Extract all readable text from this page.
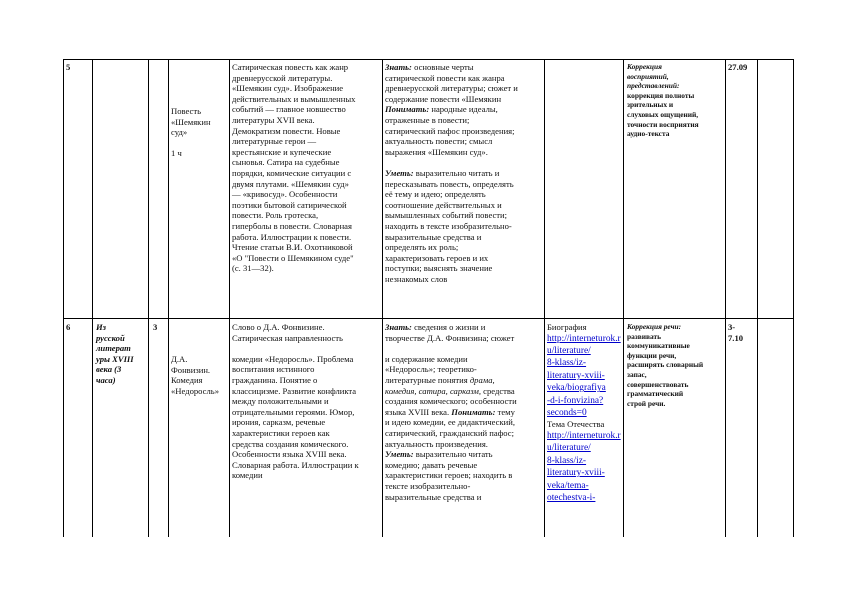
5
Повесть
«Шемякин
суд»

1 ч
Сатирическая повесть как жанр
древнерусской литературы.
«Шемякин суд». Изображение
действительных и вымышленных
событий — главное новшество
литературы XVII века.
Демократизм повести. Новые
литературные герои —
крестьянские и купеческие
сыновья. Сатира на судебные
порядки, комические ситуации с
двумя плутами. «Шемякин суд»
— «кривосуд». Особенности
поэтики бытовой сатирической
повести. Роль гротеска,
гиперболы в повести. Словарная
работа. Иллюстрации к повести.
Чтение статьи В.И. Охотниковой
«О "Повести о Шемякином суде"
(с. 31—32).
Знать: основные черты
сатирической повести как жанра
древнерусской литературы; сюжет и
содержание повести «Шемякин
Понимать: народные идеалы,
отраженные в повести;
сатирический пафос произведения;
актуальность повести; смысл
выражения «Шемякин суд».

Уметь: выразительно читать и
пересказывать повесть, определять
её тему и идею; определять
соотношение действительных и
вымышленных событий повести;
находить в тексте изобразительно-
выразительные средства и
определять их роль;
характеризовать героев и их
поступки; выяснять значение
незнакомых слов
Коррекция
восприятий,
представлений:
коррекция полноты
зрительных и
слуховых ощущений,
точности восприятия
аудио-текста
27.09
6	Из
русской
литерат
уры XVIII
века (3
часа)
3
Д.А.
Фонвизин.
Комедия
«Недоросль»
Слово о Д.А. Фонвизине.
Сатирическая направленность

комедии «Недоросль». Проблема
воспитания истинного
гражданина. Понятие о
классицизме. Развитие конфликта
между положительными и
отрицательными героями. Юмор,
ирония, сарказм, речевые
характеристики героев как
средства создания комического.
Особенности языка XVIII века.
Словарная работа. Иллюстрации к
комедии
Знать: сведения о жизни и
творчестве Д.А. Фонвизина; сюжет

и содержание комедии
«Недоросль»; теоретико-
литературные понятия драма,
комедия, сатира, сарказм, средства
создания комического; особенности
языка XVIII века. Понимать: тему
и идею комедии, ее дидактический,
сатирический, гражданский пафос;
актуальность произведения.
Уметь: выразительно читать
комедию; давать речевые
характеристики героев; находить в
тексте изобразительно-
выразительные средства и
Биография
http://interneturok.ru/literature/
8-klass/iz-
literatury-xviii-
veka/biografiya
-d-i-fonvizina?
seconds=0
Тема Отечества
http://interneturok.ru/literature/
8-klass/iz-
literatury-xviii-
veka/tema-
otechestva-i-
Коррекция речи:
развивать
коммуникативные
функции речи,
расширять словарный
запас,
совершенствовать
грамматический
строй речи.
3-
7.10
